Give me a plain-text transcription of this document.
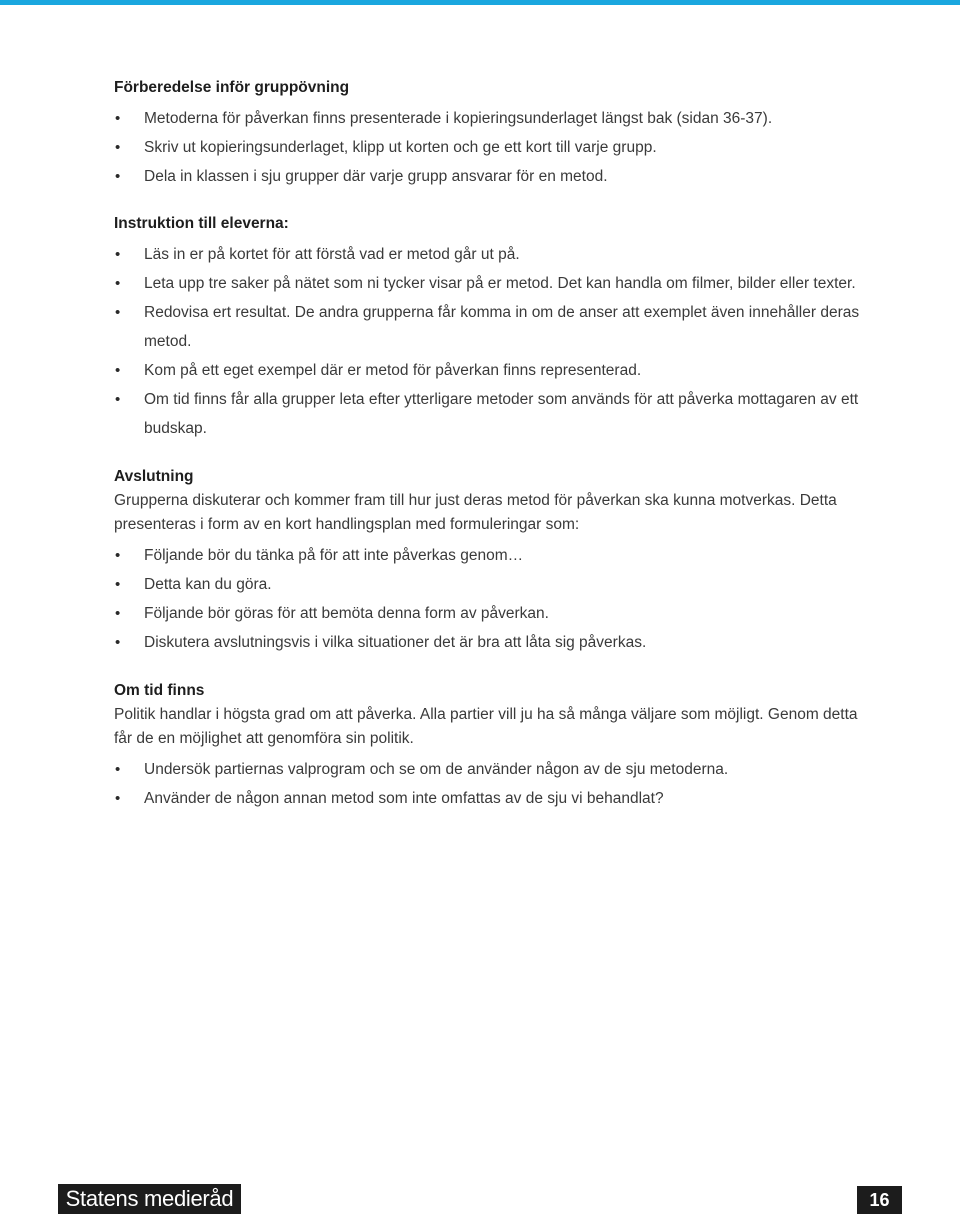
Förberedelse inför gruppövning

• Metoderna för påverkan finns presenterade i kopieringsunderlaget längst bak (sidan 36-37).
• Skriv ut kopieringsunderlaget, klipp ut korten och ge ett kort till varje grupp.
• Dela in klassen i sju grupper där varje grupp ansvarar för en metod.

Instruktion till eleverna:

• Läs in er på kortet för att förstå vad er metod går ut på.
• Leta upp tre saker på nätet som ni tycker visar på er metod. Det kan handla om filmer, bilder eller texter.
• Redovisa ert resultat. De andra grupperna får komma in om de anser att exemplet även innehåller deras metod.
• Kom på ett eget exempel där er metod för påverkan finns representerad.
• Om tid finns får alla grupper leta efter ytterligare metoder som används för att påverka mottagaren av ett budskap.

Avslutning

Grupperna diskuterar och kommer fram till hur just deras metod för påverkan ska kunna motverkas. Detta presenteras i form av en kort handlingsplan med formuleringar som:

• Följande bör du tänka på för att inte påverkas genom…
• Detta kan du göra.
• Följande bör göras för att bemöta denna form av påverkan.
• Diskutera avslutningsvis i vilka situationer det är bra att låta sig påverkas.

Om tid finns

Politik handlar i högsta grad om att påverka. Alla partier vill ju ha så många väljare som möjligt. Genom detta får de en möjlighet att genomföra sin politik.

• Undersök partiernas valprogram och se om de använder någon av de sju metoderna.
• Använder de någon annan metod som inte omfattas av de sju vi behandlat?
Statens medieråd	16
